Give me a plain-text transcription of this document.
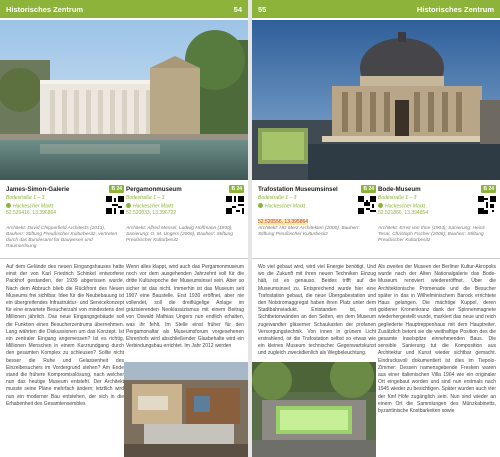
Historisches Zentrum	54
James-Simon-Galerie	B 24
Bodestraße 1 – 3
Hackescher Markt
52.520416, 13.396864
Architekt: David Chipperfield Architects (2013), Bauherr: Stiftung Preußischer Kulturbesitz, vertreten durch das Bundesamt für Bauwesen und Raumordnung
Pergamonmuseum	B 24
Bodestraße 1 – 3
Hackescher Markt
52.520833, 13.396722
Architekt: Alfred Messel, Ludwig Hoffmann (1930), Sanierung: O. M. Ungers (2006), Bauherr: Stiftung Preußischer Kulturbesitz
Auf dem Gelände des neuen Eingangshauses hatte einst der von Karl Friedrich Schinkel entworfene Packhof gestanden, der 1939 abgerissen wurde. Nach dem Abbruch blieb die Rückfront des Neuen Museums frei sichtbar. Idee für die Neubebauung ist ein übergreifendes Infrastruktur- und Servicekonzept für eine erwartete Besucherzahl von mindestens drei Millionen jährlich. Das neue Eingangsgebäude soll die Funktion eines Besucherzentrums übernehmen. Lang währten die Diskussionen um das Konzept. Ist ein zentraler Eingang angemessen? Ist es richtig, Millionen Menschen in einem Kurzrundgang durch den gesamten Komplex zu schleusen? Sollte nicht besser die Ruhe und Gelassenheit des Einzelbesuchers im Vordergrund stehen? Am Ende stand die frühere Kompromisslösung, nach welcher nun das heutige Museum entsteht. Der Architekt musste seine Pläne mehrfach ändern; letztlich wird nun ein moderner Bau entstehen, der sich in die Erhabenheit des Gesamtensembles
Wenn alles klappt, wird auch das Pergamonmuseum noch vor dem ausgehenden Jahrzehnt voll für die dritte Kulturepoche der Museumsinsel sein. Aber so sicher ist das nicht. Immerhin ist das Museum seit 1907 eine Baustelle. Erst 1930 eröffnet, aber nie vollendet, soll die dreiflügelige Anlage im gräzisierenden Neoklassizismus mit einem Beitrag von Oswald Mathias Ungers nun endlich erhalten, was ihr fehlt. Im Stelle einst früher für den Pergamonaltar als Museumsforum vorgesehenen Ehrenhofs wird abschließender Glasbehalte wird ein Verbindungsbau errichtet. Im Jahr 2012 werden
55	Historisches Zentrum
Trafostation Museumsinsel	B 24
Bodestraße 1 – 3
Hackescher Markt
52.520556, 13.395864
Architekt: HG Merz Architekten (2000), Bauherr: Stiftung Preußischer Kulturbesitz
Bode-Museum	B 24
Bodestraße 1 – 3
Hackescher Markt
52.521866, 13.394854
Architekt: Ernst von Ihne (1904); Sanierung: Heinz Tesar, Christoph Fischer (2006); Bauherr: Stiftung Preußischer Kulturbesitz
Wo viel gebaut wird, wird viel Energie benötigt. Und wo die Zukunft mit ihren neuen Techniken Einzug hält, ist es genauso. Beides trifft auf die Museumsinsel zu. Entsprechend wurde hier eine Trafostation gebaut, die neue Übergabestation und den Notstromaggregat haben ihren Platz unter dem Stadtbahnviadukt. Entstanden ist, mit Sichtbetonwänden an den Seiten, ein dem Museum zugewandter gläserner Schaukasten der profanen Versorgungstechnik. Von innen in grünem Licht erstrahlend, ist die Trafostation selbst so etwas wie ein kleines Museum technischer Gegenwartskunst und zugleich zweckdienlich als Wegbeleuchtung.
Als zweites der Museen der Berliner Kultur-Akropolis wurde nach der Alten Nationalgalerie das Bode-Museum renoviert wiedereröffnet. Über die Architektonische Promenade und die Besucher später in das in Wilhelminischem Barock errichtete Haus gelangen. Die mächtige Kuppel, deren goldener Kronenkranz dank der Spinnenmagnete wiederhergestellt wurde, markiert das neue und reich gegliederte Hauptreppenhaus mit dem Hauptreiter. Zusätzlich betont sie die weithaftige Position des die gesamte Inselspitze einnehmenden Baus. Die sensible Sanierung tut die Komposition aus Architektur und Kunst wieder sichtbar gemacht. Eindrucksvoll dokumentiert ist dies im Tiepolo-Zimmer: Dessen namensgebende Fresken waren aus einer italienischen Villa 1904 wie ein originaler Ort eingebaut worden und sind nun erstmals nach 1945 wieder zu besichtigen. Später wurden auch vier der fünf Höfe zugänglich sein. Nun sind wieder an einem Ort die Sammlungen des Münzkabinetts, byzantinische Kostbarkeiten sowie
